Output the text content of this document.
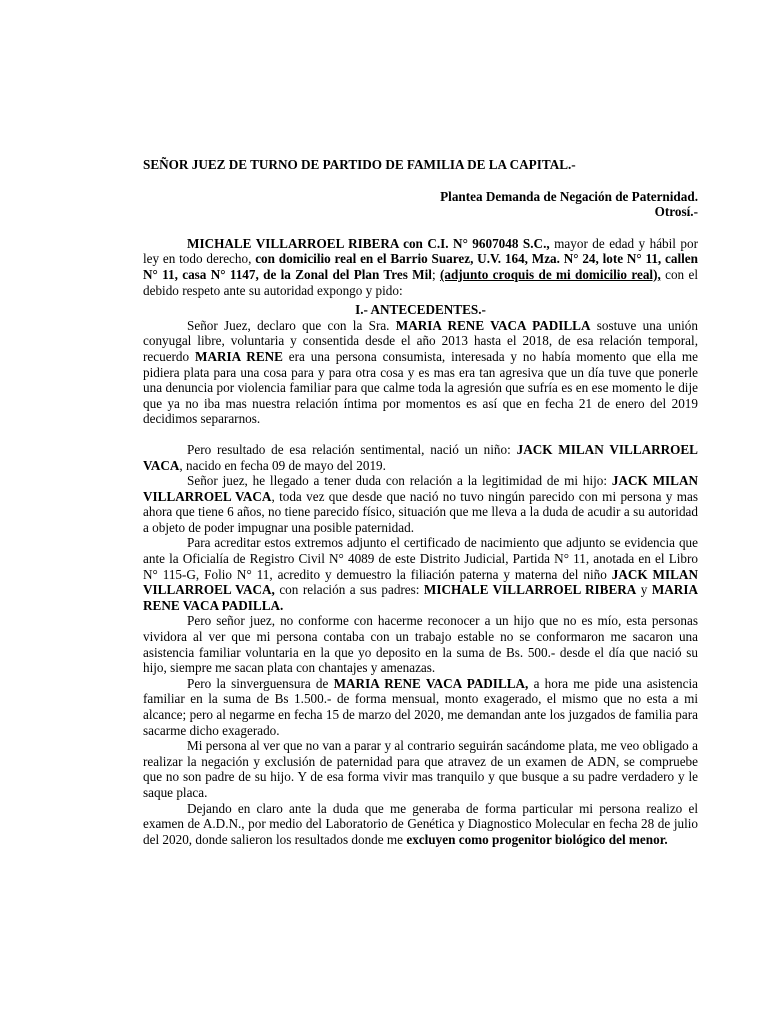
SEÑOR JUEZ DE TURNO DE PARTIDO DE FAMILIA DE LA CAPITAL.-
Plantea Demanda de Negación de Paternidad.
Otrosí.-

MICHALE VILLARROEL RIBERA con C.I. N° 9607048 S.C., mayor de edad y hábil por ley en todo derecho, con domicilio real en el Barrio Suarez, U.V. 164, Mza. N° 24, lote N° 11, callen N° 11, casa N° 1147, de la Zonal del Plan Tres Mil; (adjunto croquis de mi domicilio real), con el debido respeto ante su autoridad expongo y pido:

I.- ANTECEDENTES.-

Señor Juez, declaro que con la Sra. MARIA RENE VACA PADILLA sostuve una unión conyugal libre, voluntaria y consentida desde el año 2013 hasta el 2018, de esa relación temporal, recuerdo MARIA RENE era una persona consumista, interesada y no había momento que ella me pidiera plata para una cosa para y para otra cosa y es mas era tan agresiva que un día tuve que ponerle una denuncia por violencia familiar para que calme toda la agresión que sufría es en ese momento le dije que ya no iba mas nuestra relación íntima por momentos es así que en fecha 21 de enero del 2019 decidimos separarnos.

Pero resultado de esa relación sentimental, nació un niño: JACK MILAN VILLARROEL VACA, nacido en fecha 09 de mayo del 2019.

Señor juez, he llegado a tener duda con relación a la legitimidad de mi hijo: JACK MILAN VILLARROEL VACA, toda vez que desde que nació no tuvo ningún parecido con mi persona y mas ahora que tiene 6 años, no tiene parecido físico, situación que me lleva a la duda de acudir a su autoridad a objeto de poder impugnar una posible paternidad.

Para acreditar estos extremos adjunto el certificado de nacimiento que adjunto se evidencia que ante la Oficialía de Registro Civil N° 4089 de este Distrito Judicial, Partida N° 11, anotada en el Libro N° 115-G, Folio N° 11, acredito y demuestro la filiación paterna y materna del niño JACK MILAN VILLARROEL VACA, con relación a sus padres: MICHALE VILLARROEL RIBERA y MARIA RENE VACA PADILLA.

Pero señor juez, no conforme con hacerme reconocer a un hijo que no es mío, esta personas vividora al ver que mi persona contaba con un trabajo estable no se conformaron me sacaron una asistencia familiar voluntaria en la que yo deposito en la suma de Bs. 500.- desde el día que nació su hijo, siempre me sacan plata con chantajes y amenazas.

Pero la sinverguensura de MARIA RENE VACA PADILLA, a hora me pide una asistencia familiar en la suma de Bs 1.500.- de forma mensual, monto exagerado, el mismo que no esta a mi alcance; pero al negarme en fecha 15 de marzo del 2020, me demandan ante los juzgados de familia para sacarme dicho exagerado.

Mi persona al ver que no van a parar y al contrario seguirán sacándome plata, me veo obligado a realizar la negación y exclusión de paternidad para que atravez de un examen de ADN, se compruebe que no son padre de su hijo. Y de esa forma vivir mas tranquilo y que busque a su padre verdadero y le saque placa.

Dejando en claro ante la duda que me generaba de forma particular mi persona realizo el examen de A.D.N., por medio del Laboratorio de Genética y Diagnostico Molecular en fecha 28 de julio del 2020, donde salieron los resultados donde me excluyen como progenitor biológico del menor.
